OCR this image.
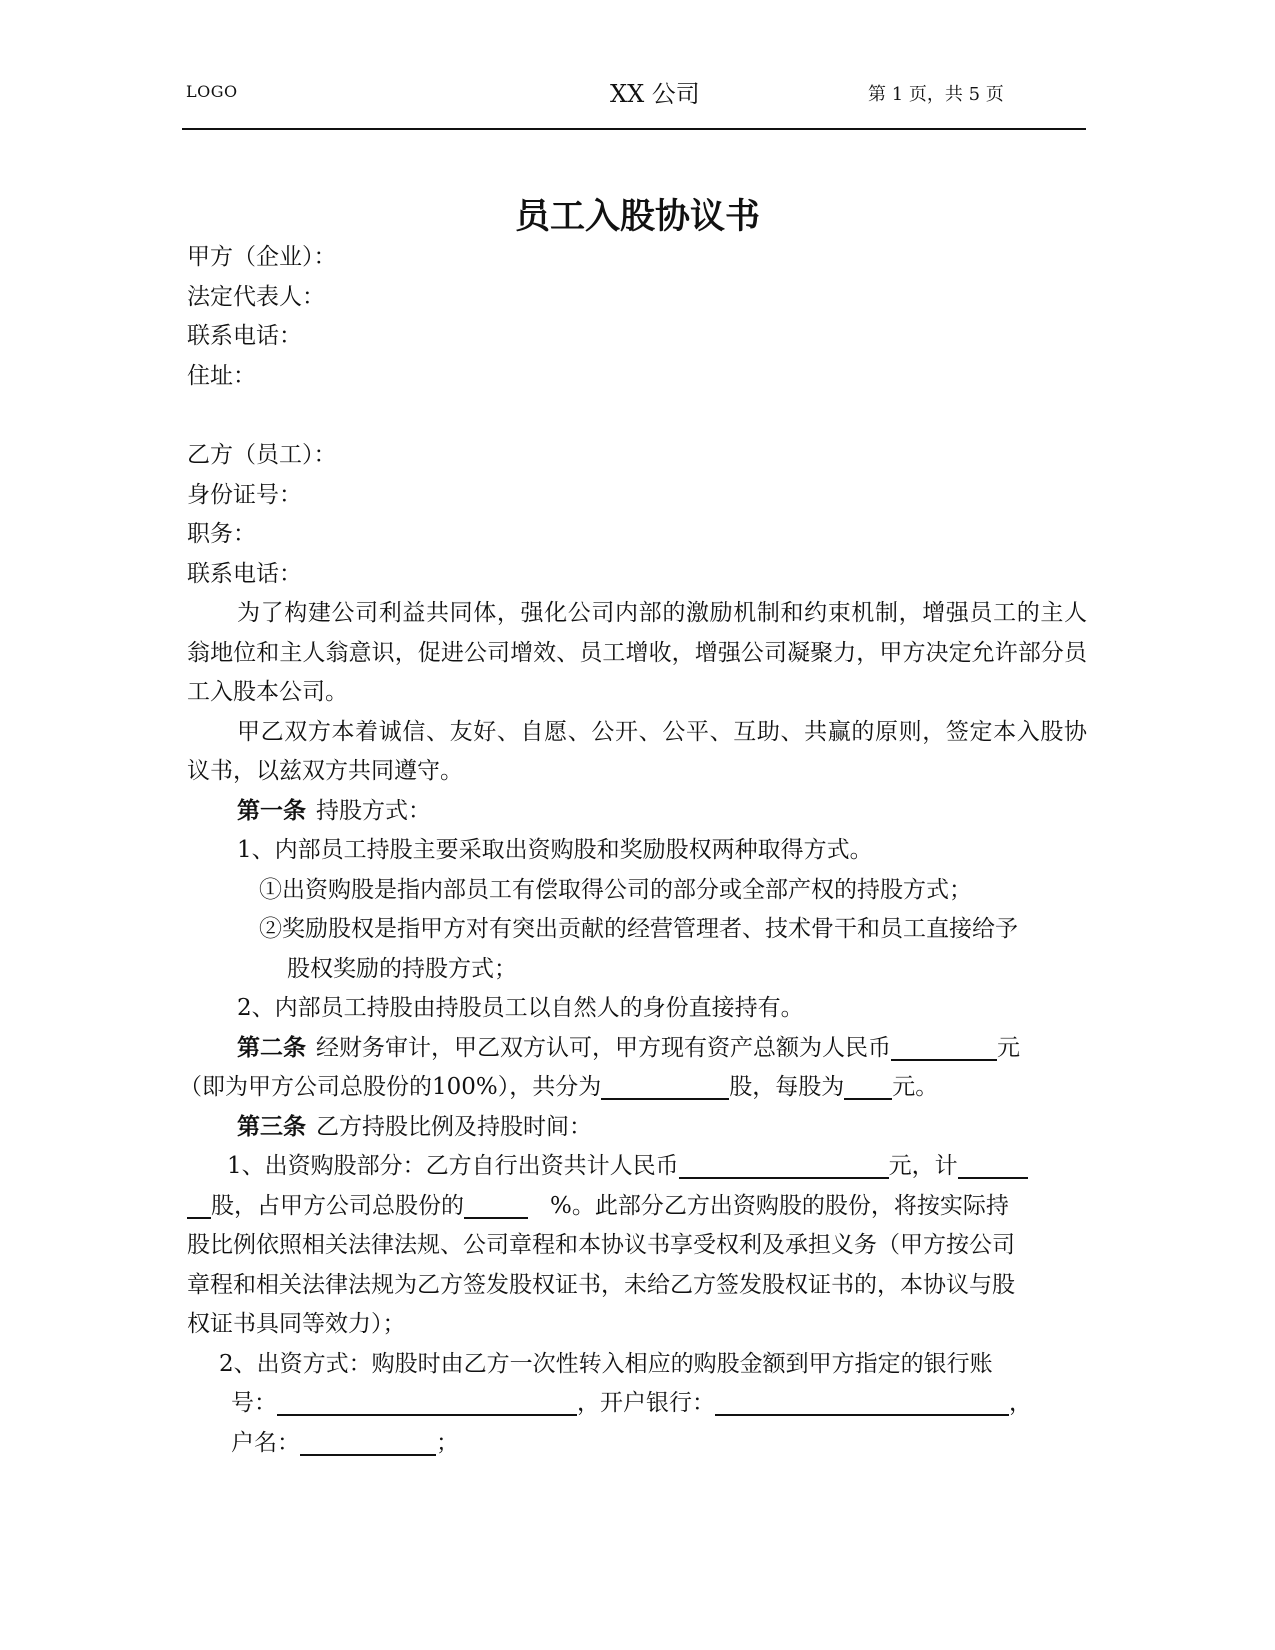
LOGO	XX 公司	第 1 页，共 5 页
员工入股协议书
甲方（企业）：
法定代表人：
联系电话：
住址：
乙方（员工）：
身份证号：
职务：
联系电话：
为了构建公司利益共同体，强化公司内部的激励机制和约束机制，增强员工的主人翁地位和主人翁意识，促进公司增效、员工增收，增强公司凝聚力，甲方决定允许部分员工入股本公司。
甲乙双方本着诚信、友好、自愿、公开、公平、互助、共赢的原则，签定本入股协议书，以兹双方共同遵守。
第一条 持股方式：
1、内部员工持股主要采取出资购股和奖励股权两种取得方式。
①出资购股是指内部员工有偿取得公司的部分或全部产权的持股方式；
②奖励股权是指甲方对有突出贡献的经营管理者、技术骨干和员工直接给予
股权奖励的持股方式；
2、内部员工持股由持股员工以自然人的身份直接持有。
第二条 经财务审计，甲乙双方认可，甲方现有资产总额为人民币	元
（即为甲方公司总股份的100%），共分为	股，每股为 元。
第三条 乙方持股比例及持股时间：
1、出资购股部分：乙方自行出资共计人民币	元，计
股，占甲方公司总股份的	%。此部分乙方出资购股的股份，将按实际持
股比例依照相关法律法规、公司章程和本协议书享受权利及承担义务（甲方按公司
章程和相关法律法规为乙方签发股权证书，未给乙方签发股权证书的，本协议与股
权证书具同等效力）；
2、出资方式：购股时由乙方一次性转入相应的购股金额到甲方指定的银行账
号：	，开户银行：	，
户名：	；
